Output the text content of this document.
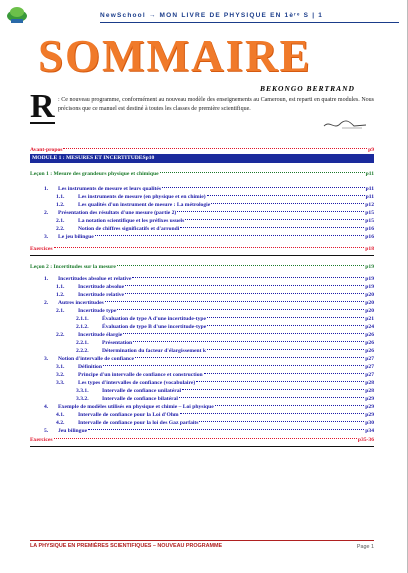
NewSchool → MON LIVRE DE PHYSIQUE EN 1èʳᵉ S | 1
SOMMAIRE
BEKONGO BERTRAND
R : Ce nouveau programme, conformément au nouveau modèle des enseignements au Cameroun, est reparti en quatre modules. Nous précisons que ce manuel est destiné à toutes les classes de première scientifique.
Avant-propos	p9
MODULE 1 : MESURES ET INCERTITUDES p10
Leçon 1 : Mesure des grandeurs physique et chimique	p11
1.	Les instruments de mesure et leurs qualités	p11
1.1.	Les instruments de mesure (en physique et en chimie)	p11
1.2.	Les qualités d'un instrument de mesure : La métrologie	p12
2.	Présentation des résultats d'une mesure (partie 2)	p15
2.1.	La notation scientifique et les préfixes usuels	p15
2.2.	Notion de chiffres significatifs et d'arrondi	p16
3.	Le jeu bilingue	p16
Exercices	p18
Leçon 2 : Incertitudes sur la mesure	p19
1.	Incertitudes absolue et relative	p19
1.1.	Incertitude absolue	p19
1.2.	Incertitude relative	p20
2.	Autres incertitudes	p20
2.1.	Incertitude type	p20
2.1.1.	Évaluation de type A d'une incertitude-type	p21
2.1.2.	Évaluation de type B d'une incertitude-type	p24
2.2.	Incertitude élargie	p26
2.2.1.	Présentation	p26
2.2.2.	Détermination du facteur d'élargissement k	p26
3.	Notion d'intervalle de confiance	p27
3.1.	Définition	p27
3.2.	Principe d'un intervalle de confiance et construction	p27
3.3.	Les types d'intervalles de confiance (vocabulaire)	p28
3.3.1.	Intervalle de confiance unilatéral	p28
3.3.2.	Intervalle de confiance bilatéral	p29
4.	Exemple de modèles utilisés en physique et chimie – Loi physique	p29
4.1.	Intervalle de confiance pour la Loi d'Ohm	p29
4.2.	Intervalle de confiance pour la loi des Gaz parfaits	p30
5.	Jeu bilingue	p34
Exercices	p35-36
LA PHYSIQUE EN PREMIÈRES SCIENTIFIQUES – NOUVEAU PROGRAMME	Page 1
